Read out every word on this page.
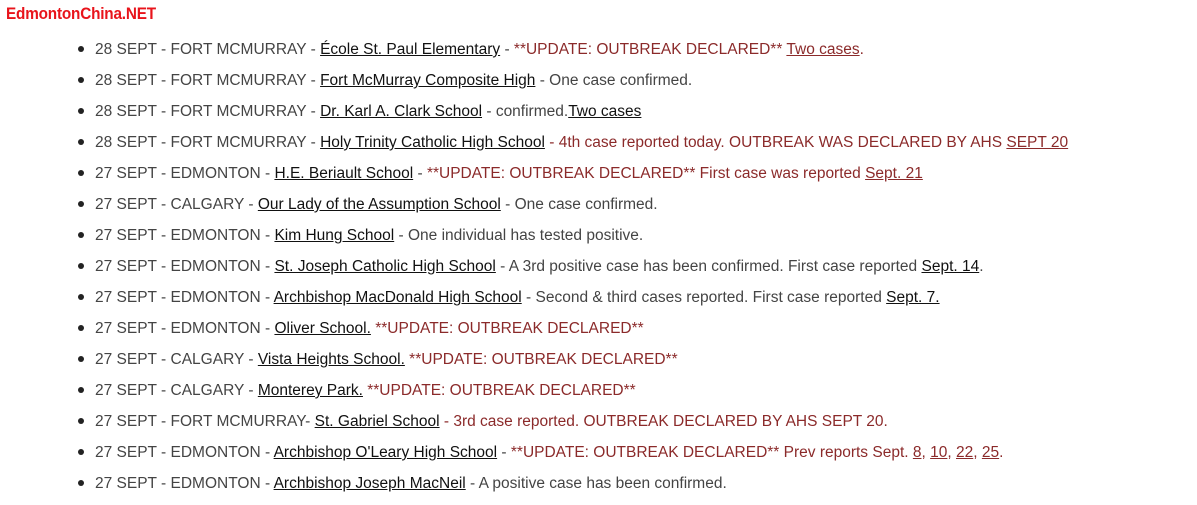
EdmontonChina.NET
28 SEPT - FORT MCMURRAY - École St. Paul Elementary - **UPDATE: OUTBREAK DECLARED** Two cases.
28 SEPT - FORT MCMURRAY - Fort McMurray Composite High - One case confirmed.
28 SEPT - FORT MCMURRAY - Dr. Karl A. Clark School - confirmed.Two cases
28 SEPT - FORT MCMURRAY - Holy Trinity Catholic High School - 4th case reported today. OUTBREAK WAS DECLARED BY AHS SEPT 20
27 SEPT - EDMONTON - H.E. Beriault School - **UPDATE: OUTBREAK DECLARED** First case was reported Sept. 21
27 SEPT - CALGARY - Our Lady of the Assumption School - One case confirmed.
27 SEPT - EDMONTON - Kim Hung School - One individual has tested positive.
27 SEPT - EDMONTON - St. Joseph Catholic High School - A 3rd positive case has been confirmed. First case reported Sept. 14.
27 SEPT - EDMONTON - Archbishop MacDonald High School - Second & third cases reported. First case reported Sept. 7.
27 SEPT - EDMONTON - Oliver School. **UPDATE: OUTBREAK DECLARED**
27 SEPT - CALGARY - Vista Heights School. **UPDATE: OUTBREAK DECLARED**
27 SEPT - CALGARY - Monterey Park. **UPDATE: OUTBREAK DECLARED**
27 SEPT - FORT MCMURRAY- St. Gabriel School - 3rd case reported. OUTBREAK DECLARED BY AHS SEPT 20.
27 SEPT - EDMONTON - Archbishop O'Leary High School - **UPDATE: OUTBREAK DECLARED** Prev reports Sept. 8, 10, 22, 25.
27 SEPT - EDMONTON - Archbishop Joseph MacNeil - A positive case has been confirmed.
